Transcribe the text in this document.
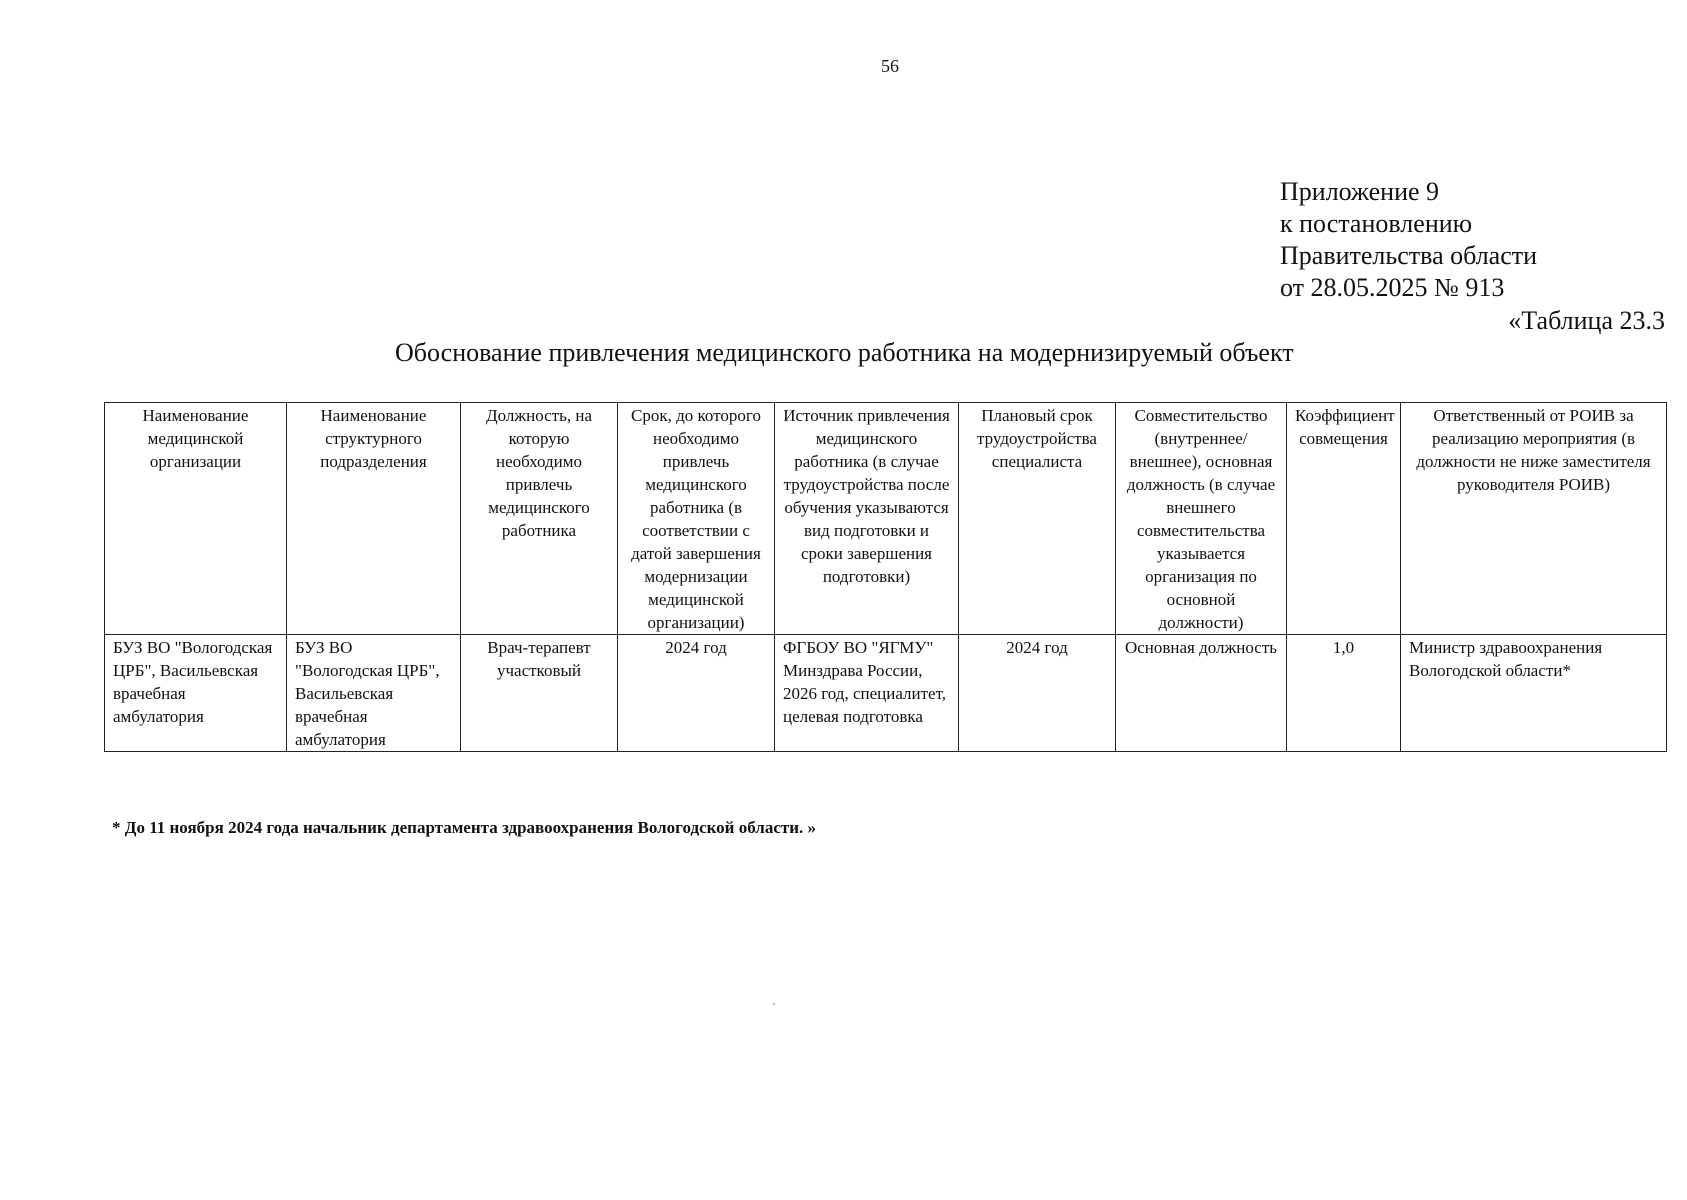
56
Приложение 9
к постановлению
Правительства области
от 28.05.2025 № 913
«Таблица 23.3
Обоснование привлечения медицинского работника на модернизируемый объект
Наименование медицинской организации	Наименование структурного подразделения	Должность, на которую необходимо привлечь медицинского работника	Срок, до которого необходимо привлечь медицинского работника (в соответствии с датой завершения модернизации медицинской организации)	Источник привлечения медицинского работника (в случае трудоустройства после обучения указываются вид подготовки и сроки завершения подготовки)	Плановый срок трудоустройства специалиста	Совместительство (внутреннее/внешнее), основная должность (в случае внешнего совместительства указывается организация по основной должности)	Коэффициент совмещения	Ответственный от РОИВ за реализацию мероприятия (в должности не ниже заместителя руководителя РОИВ)
БУЗ ВО "Вологодская ЦРБ", Васильевская врачебная амбулатория	БУЗ ВО "Вологодская ЦРБ", Васильевская врачебная амбулатория	Врач-терапевт участковый	2024 год	ФГБОУ ВО "ЯГМУ" Минздрава России, 2026 год, специалитет, целевая подготовка	2024 год	Основная должность	1,0	Министр здравоохранения Вологодской области*
* До 11 ноября 2024 года начальник департамента здравоохранения Вологодской области. »
